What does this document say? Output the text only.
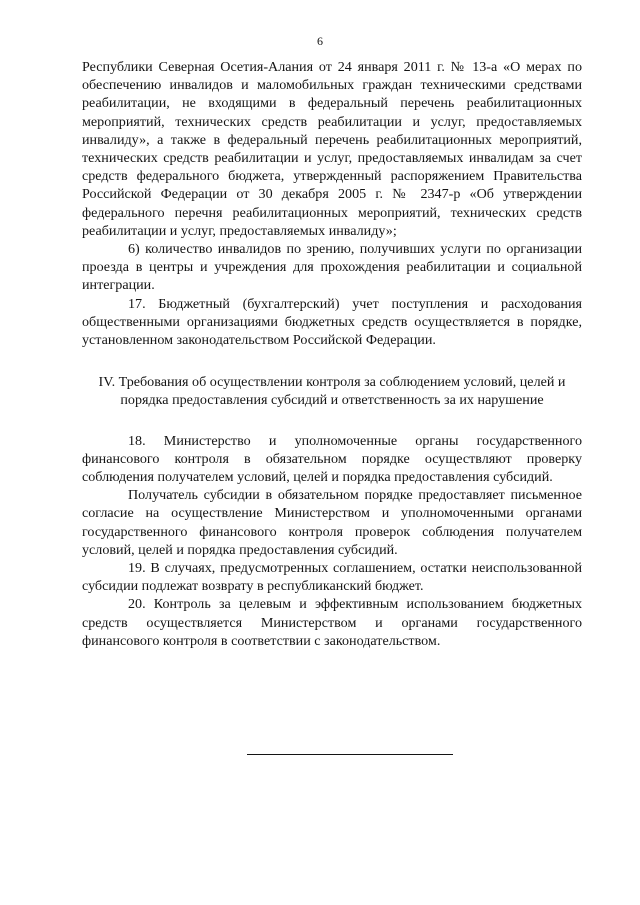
6

Республики Северная Осетия-Алания от 24 января 2011 г. № 13-а «О мерах по обеспечению инвалидов и маломобильных граждан техническими средствами реабилитации, не входящими в федеральный перечень реабилитационных мероприятий, технических средств реабилитации и услуг, предоставляемых инвалиду», а также в федеральный перечень реабилитационных мероприятий, технических средств реабилитации и услуг, предоставляемых инвалидам за счет средств федерального бюджета, утвержденный распоряжением Правительства Российской Федерации от 30 декабря 2005 г. № 2347-р «Об утверждении федерального перечня реабилитационных мероприятий, технических средств реабилитации и услуг, предоставляемых инвалиду»;

6) количество инвалидов по зрению, получивших услуги по организации проезда в центры и учреждения для прохождения реабилитации и социальной интеграции.

17. Бюджетный (бухгалтерский) учет поступления и расходования общественными организациями бюджетных средств осуществляется в порядке, установленном законодательством Российской Федерации.

IV. Требования об осуществлении контроля за соблюдением условий, целей и порядка предоставления субсидий и ответственность за их нарушение

18. Министерство и уполномоченные органы государственного финансового контроля в обязательном порядке осуществляют проверку соблюдения получателем условий, целей и порядка предоставления субсидий.

Получатель субсидии в обязательном порядке предоставляет письменное согласие на осуществление Министерством и уполномоченными органами государственного финансового контроля проверок соблюдения получателем условий, целей и порядка предоставления субсидий.

19. В случаях, предусмотренных соглашением, остатки неиспользованной субсидии подлежат возврату в республиканский бюджет.

20. Контроль за целевым и эффективным использованием бюджетных средств осуществляется Министерством и органами государственного финансового контроля в соответствии с законодательством.
